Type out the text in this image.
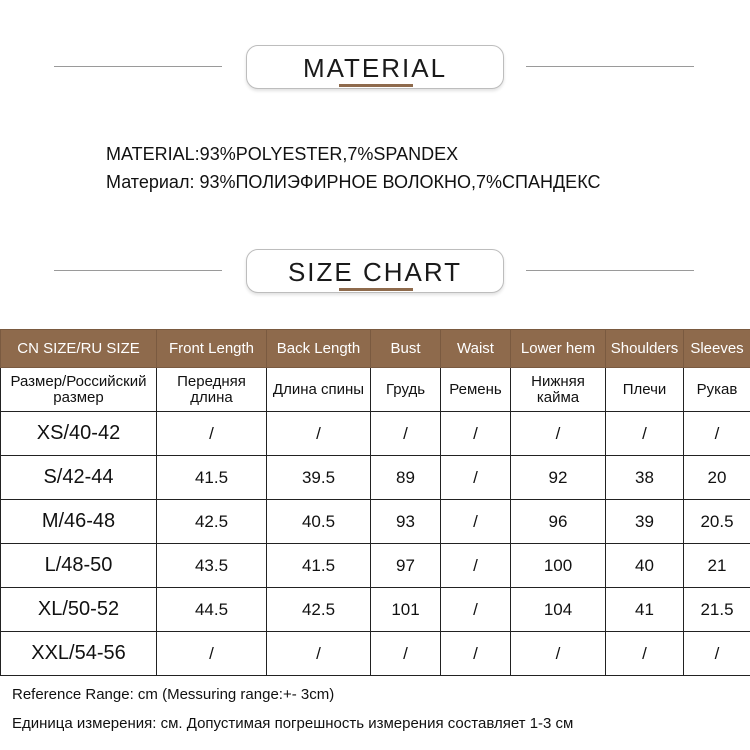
MATERIAL
MATERIAL:93%POLYESTER,7%SPANDEX
Материал: 93%ПОЛИЭФИРНОЕ ВОЛОКНО,7%СПАНДЕКС
SIZE CHART
CN SIZE/RU SIZE	Front Length	Back Length	Bust	Waist	Lower hem	Shoulders	Sleeves
Размер/Российский размер	Передняя длина	Длина спины	Грудь	Ремень	Нижняя кайма	Плечи	Рукав
XS/40-42	/	/	/	/	/	/	/
S/42-44	41.5	39.5	89	/	92	38	20
M/46-48	42.5	40.5	93	/	96	39	20.5
L/48-50	43.5	41.5	97	/	100	40	21
XL/50-52	44.5	42.5	101	/	104	41	21.5
XXL/54-56	/	/	/	/	/	/	/
Reference Range: cm (Messuring range:+- 3cm)
Единица измерения: см. Допустимая погрешность измерения составляет 1-3 см
